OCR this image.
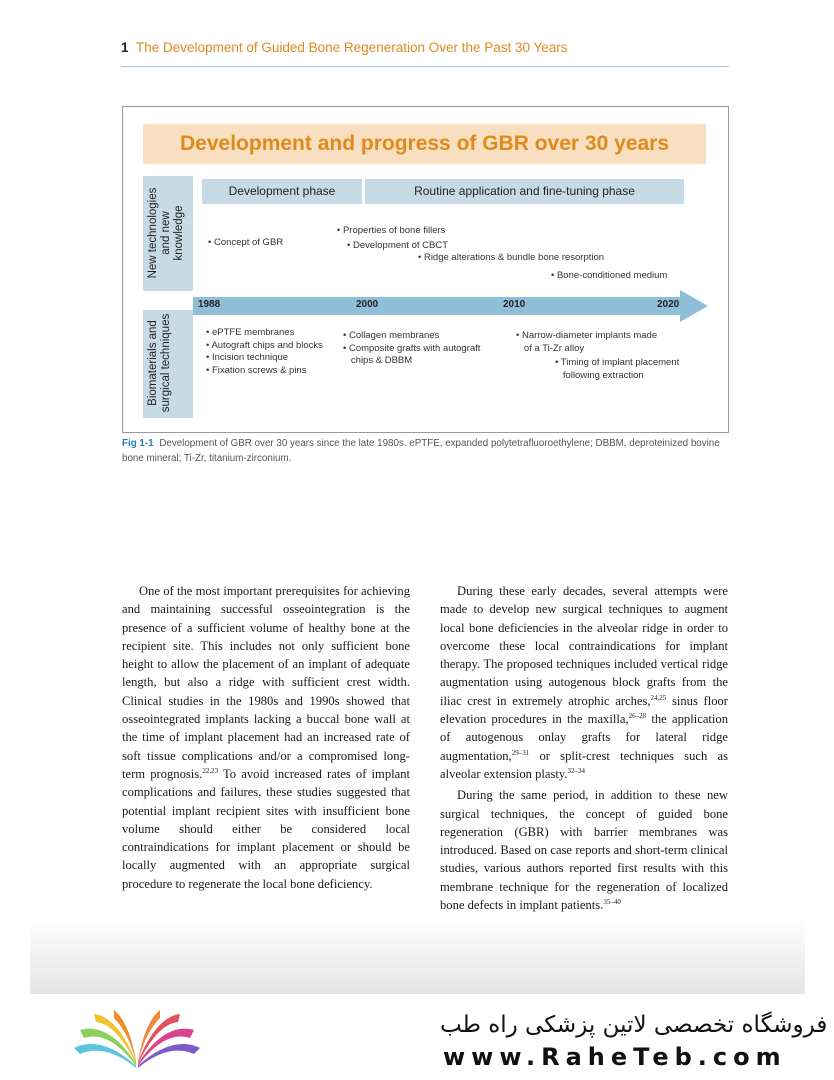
1 The Development of Guided Bone Regeneration Over the Past 30 Years
Development and progress of GBR over 30 years
New technologies and new knowledge
Biomaterials and surgical techniques
Development phase	Routine application and fine-tuning phase
• Concept of GBR
• Properties of bone fillers
• Development of CBCT
• Ridge alterations & bundle bone resorption
• Bone-conditioned medium
1988	2000	2010	2020
• ePTFE membranes
• Autograft chips and blocks
• Incision technique
• Fixation screws & pins
• Collagen membranes
• Composite grafts with autograft
chips & DBBM
• Narrow-diameter implants made
of a Ti-Zr alloy
• Timing of implant placement
following extraction
Fig 1-1 Development of GBR over 30 years since the late 1980s. ePTFE, expanded polytetrafluoroethylene; DBBM, deproteinized bovine bone mineral; Ti-Zr, titanium-zirconium.

One of the most important prerequisites for achieving and maintaining successful osseointegration is the presence of a sufficient volume of healthy bone at the recipient site. This includes not only sufficient bone height to allow the placement of an implant of adequate length, but also a ridge with sufficient crest width. Clinical studies in the 1980s and 1990s showed that osseointegrated implants lacking a buccal bone wall at the time of implant placement had an increased rate of soft tissue complications and/or a compromised long-term prognosis.$^{22,23}$ To avoid increased rates of implant complications and failures, these studies suggested that potential implant recipient sites with insufficient bone volume should either be considered local contraindications for implant placement or should be locally augmented with an appropriate surgical procedure to regenerate the local bone deficiency.

During these early decades, several attempts were made to develop new surgical techniques to augment local bone deficiencies in the alveolar ridge in order to overcome these local contraindications for implant therapy. The proposed techniques included vertical ridge augmentation using autogenous block grafts from the iliac crest in extremely atrophic arches,$^{24,25}$ sinus floor elevation procedures in the maxilla,$^{26-28}$ the application of autogenous onlay grafts for lateral ridge augmentation,$^{29-31}$ or split-crest techniques such as alveolar extension plasty.$^{32-34}$

During the same period, in addition to these new surgical techniques, the concept of guided bone regeneration (GBR) with barrier membranes was introduced. Based on case reports and short-term clinical studies, various authors reported first results with this membrane technique for the regeneration of localized bone defects in implant patients.$^{35-40}$

فروشگاه تخصصی لاتین پزشکی راه طب
www.RaheTeb.com
